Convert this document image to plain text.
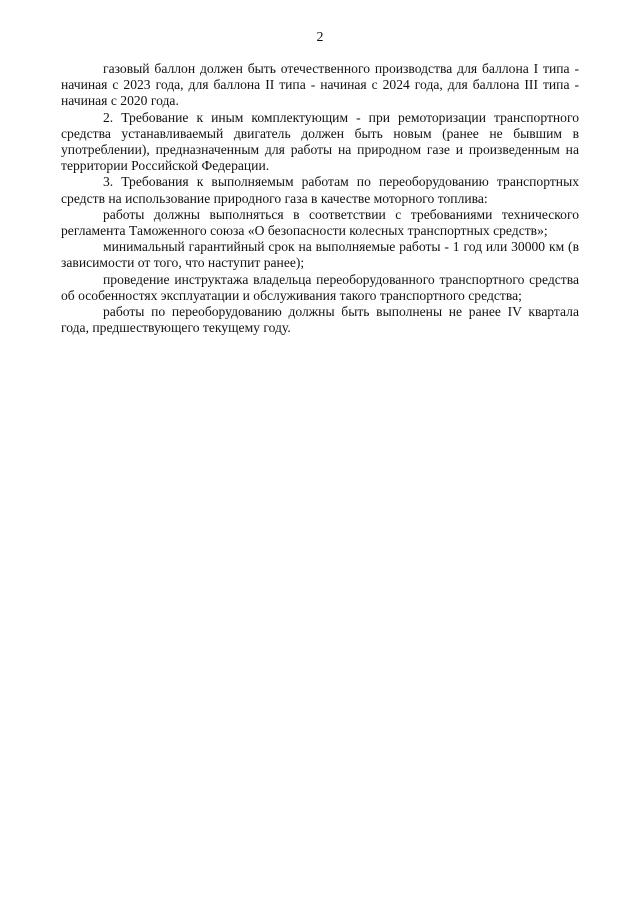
2

газовый баллон должен быть отечественного производства для баллона I типа - начиная с 2023 года, для баллона II типа - начиная с 2024 года, для баллона III типа - начиная с 2020 года.

2. Требование к иным комплектующим - при ремоторизации транспортного средства устанавливаемый двигатель должен быть новым (ранее не бывшим в употреблении), предназначенным для работы на природном газе и произведенным на территории Российской Федерации.

3. Требования к выполняемым работам по переоборудованию транспортных средств на использование природного газа в качестве моторного топлива:

работы должны выполняться в соответствии с требованиями технического регламента Таможенного союза «О безопасности колесных транспортных средств»;

минимальный гарантийный срок на выполняемые работы - 1 год или 30000 км (в зависимости от того, что наступит ранее);

проведение инструктажа владельца переоборудованного транспортного средства об особенностях эксплуатации и обслуживания такого транспортного средства;

работы по переоборудованию должны быть выполнены не ранее IV квартала года, предшествующего текущему году.
